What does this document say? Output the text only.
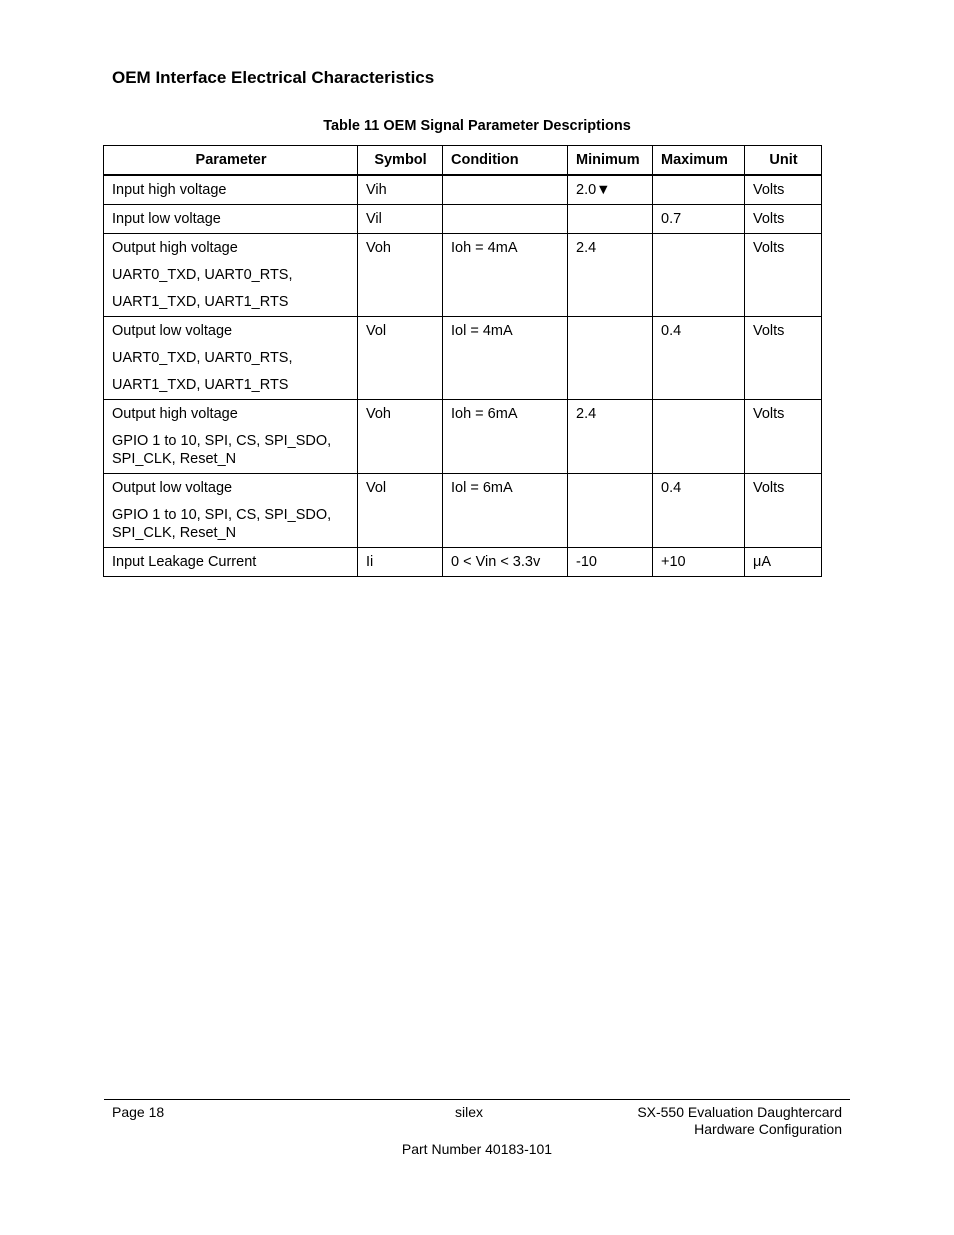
OEM Interface Electrical Characteristics
Table 11 OEM Signal Parameter Descriptions
Parameter	Symbol	Condition	Minimum	Maximum	Unit

Input high voltage	Vih		2.0▼		Volts

Input low voltage	Vil			0.7	Volts

Output high voltage
UART0_TXD, UART0_RTS,
UART1_TXD, UART1_RTS	Voh	Ioh = 4mA	2.4		Volts

Output low voltage
UART0_TXD, UART0_RTS,
UART1_TXD, UART1_RTS	Vol	Iol = 4mA		0.4	Volts

Output high voltage
GPIO 1 to 10, SPI, CS, SPI_SDO,
SPI_CLK, Reset_N	Voh	Ioh = 6mA	2.4		Volts

Output low voltage
GPIO 1 to 10, SPI, CS, SPI_SDO,
SPI_CLK, Reset_N	Vol	Iol = 6mA		0.4	Volts

Input Leakage Current	Ii	0 < Vin < 3.3v	-10	+10	μA
Page 18	silex	SX-550 Evaluation Daughtercard
Hardware Configuration
Part Number 40183-101
